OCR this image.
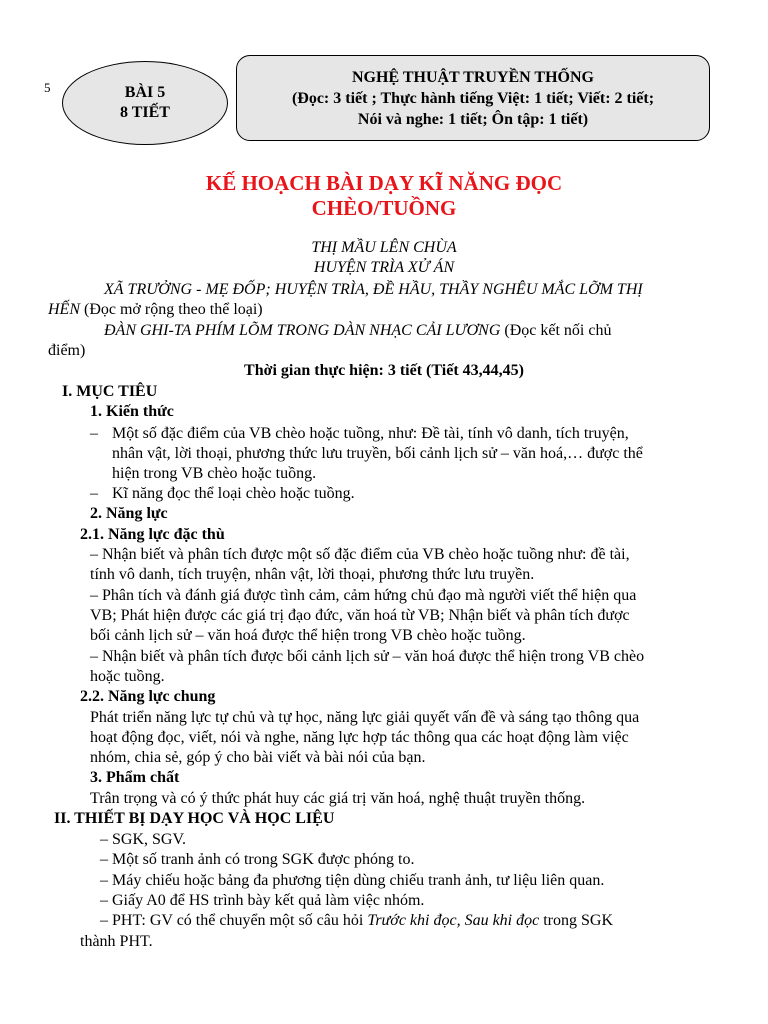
5	BÀI 5
8 TIẾT
NGHỆ THUẬT TRUYỀN THỐNG
(Đọc: 3 tiết ; Thực hành tiếng Việt: 1 tiết; Viết: 2 tiết;
Nói và nghe: 1 tiết; Ôn tập: 1 tiết)
KẾ HOẠCH BÀI DẠY KĨ NĂNG ĐỌC
CHÈO/TUỒNG
THỊ MẦU LÊN CHÙA
HUYỆN TRÌA XỬ ÁN
XÃ TRƯỞNG - MẸ ĐỐP; HUYỆN TRÌA, ĐỀ HẦU, THẦY NGHÊU MẮC LỠM THỊ
HẾN (Đọc mở rộng theo thể loại)
ĐÀN GHI-TA PHÍM LÕM TRONG DÀN NHẠC CẢI LƯƠNG (Đọc kết nối chủ
điểm)
Thời gian thực hiện: 3 tiết (Tiết 43,44,45)
I. MỤC TIÊU
1. Kiến thức
– Một số đặc điểm của VB chèo hoặc tuồng, như: Đề tài, tính vô danh, tích truyện,
nhân vật, lời thoại, phương thức lưu truyền, bối cảnh lịch sử – văn hoá,… được thể
hiện trong VB chèo hoặc tuồng.
– Kĩ năng đọc thể loại chèo hoặc tuồng.
2. Năng lực
2.1. Năng lực đặc thù
– Nhận biết và phân tích được một số đặc điểm của VB chèo hoặc tuồng như: đề tài,
tính vô danh, tích truyện, nhân vật, lời thoại, phương thức lưu truyền.
– Phân tích và đánh giá được tình cảm, cảm hứng chủ đạo mà người viết thể hiện qua
VB; Phát hiện được các giá trị đạo đức, văn hoá từ VB; Nhận biết và phân tích được
bối cảnh lịch sử – văn hoá được thể hiện trong VB chèo hoặc tuồng.
– Nhận biết và phân tích được bối cảnh lịch sử – văn hoá được thể hiện trong VB chèo
hoặc tuồng.
2.2. Năng lực chung
Phát triển năng lực tự chủ và tự học, năng lực giải quyết vấn đề và sáng tạo thông qua
hoạt động đọc, viết, nói và nghe, năng lực hợp tác thông qua các hoạt động làm việc
nhóm, chia sẻ, góp ý cho bài viết và bài nói của bạn.
3. Phẩm chất
Trân trọng và có ý thức phát huy các giá trị văn hoá, nghệ thuật truyền thống.
II. THIẾT BỊ DẠY HỌC VÀ HỌC LIỆU
– SGK, SGV.
– Một số tranh ảnh có trong SGK được phóng to.
– Máy chiếu hoặc bảng đa phương tiện dùng chiếu tranh ảnh, tư liệu liên quan.
– Giấy A0 để HS trình bày kết quả làm việc nhóm.
– PHT: GV có thể chuyển một số câu hỏi Trước khi đọc, Sau khi đọc trong SGK
thành PHT.
